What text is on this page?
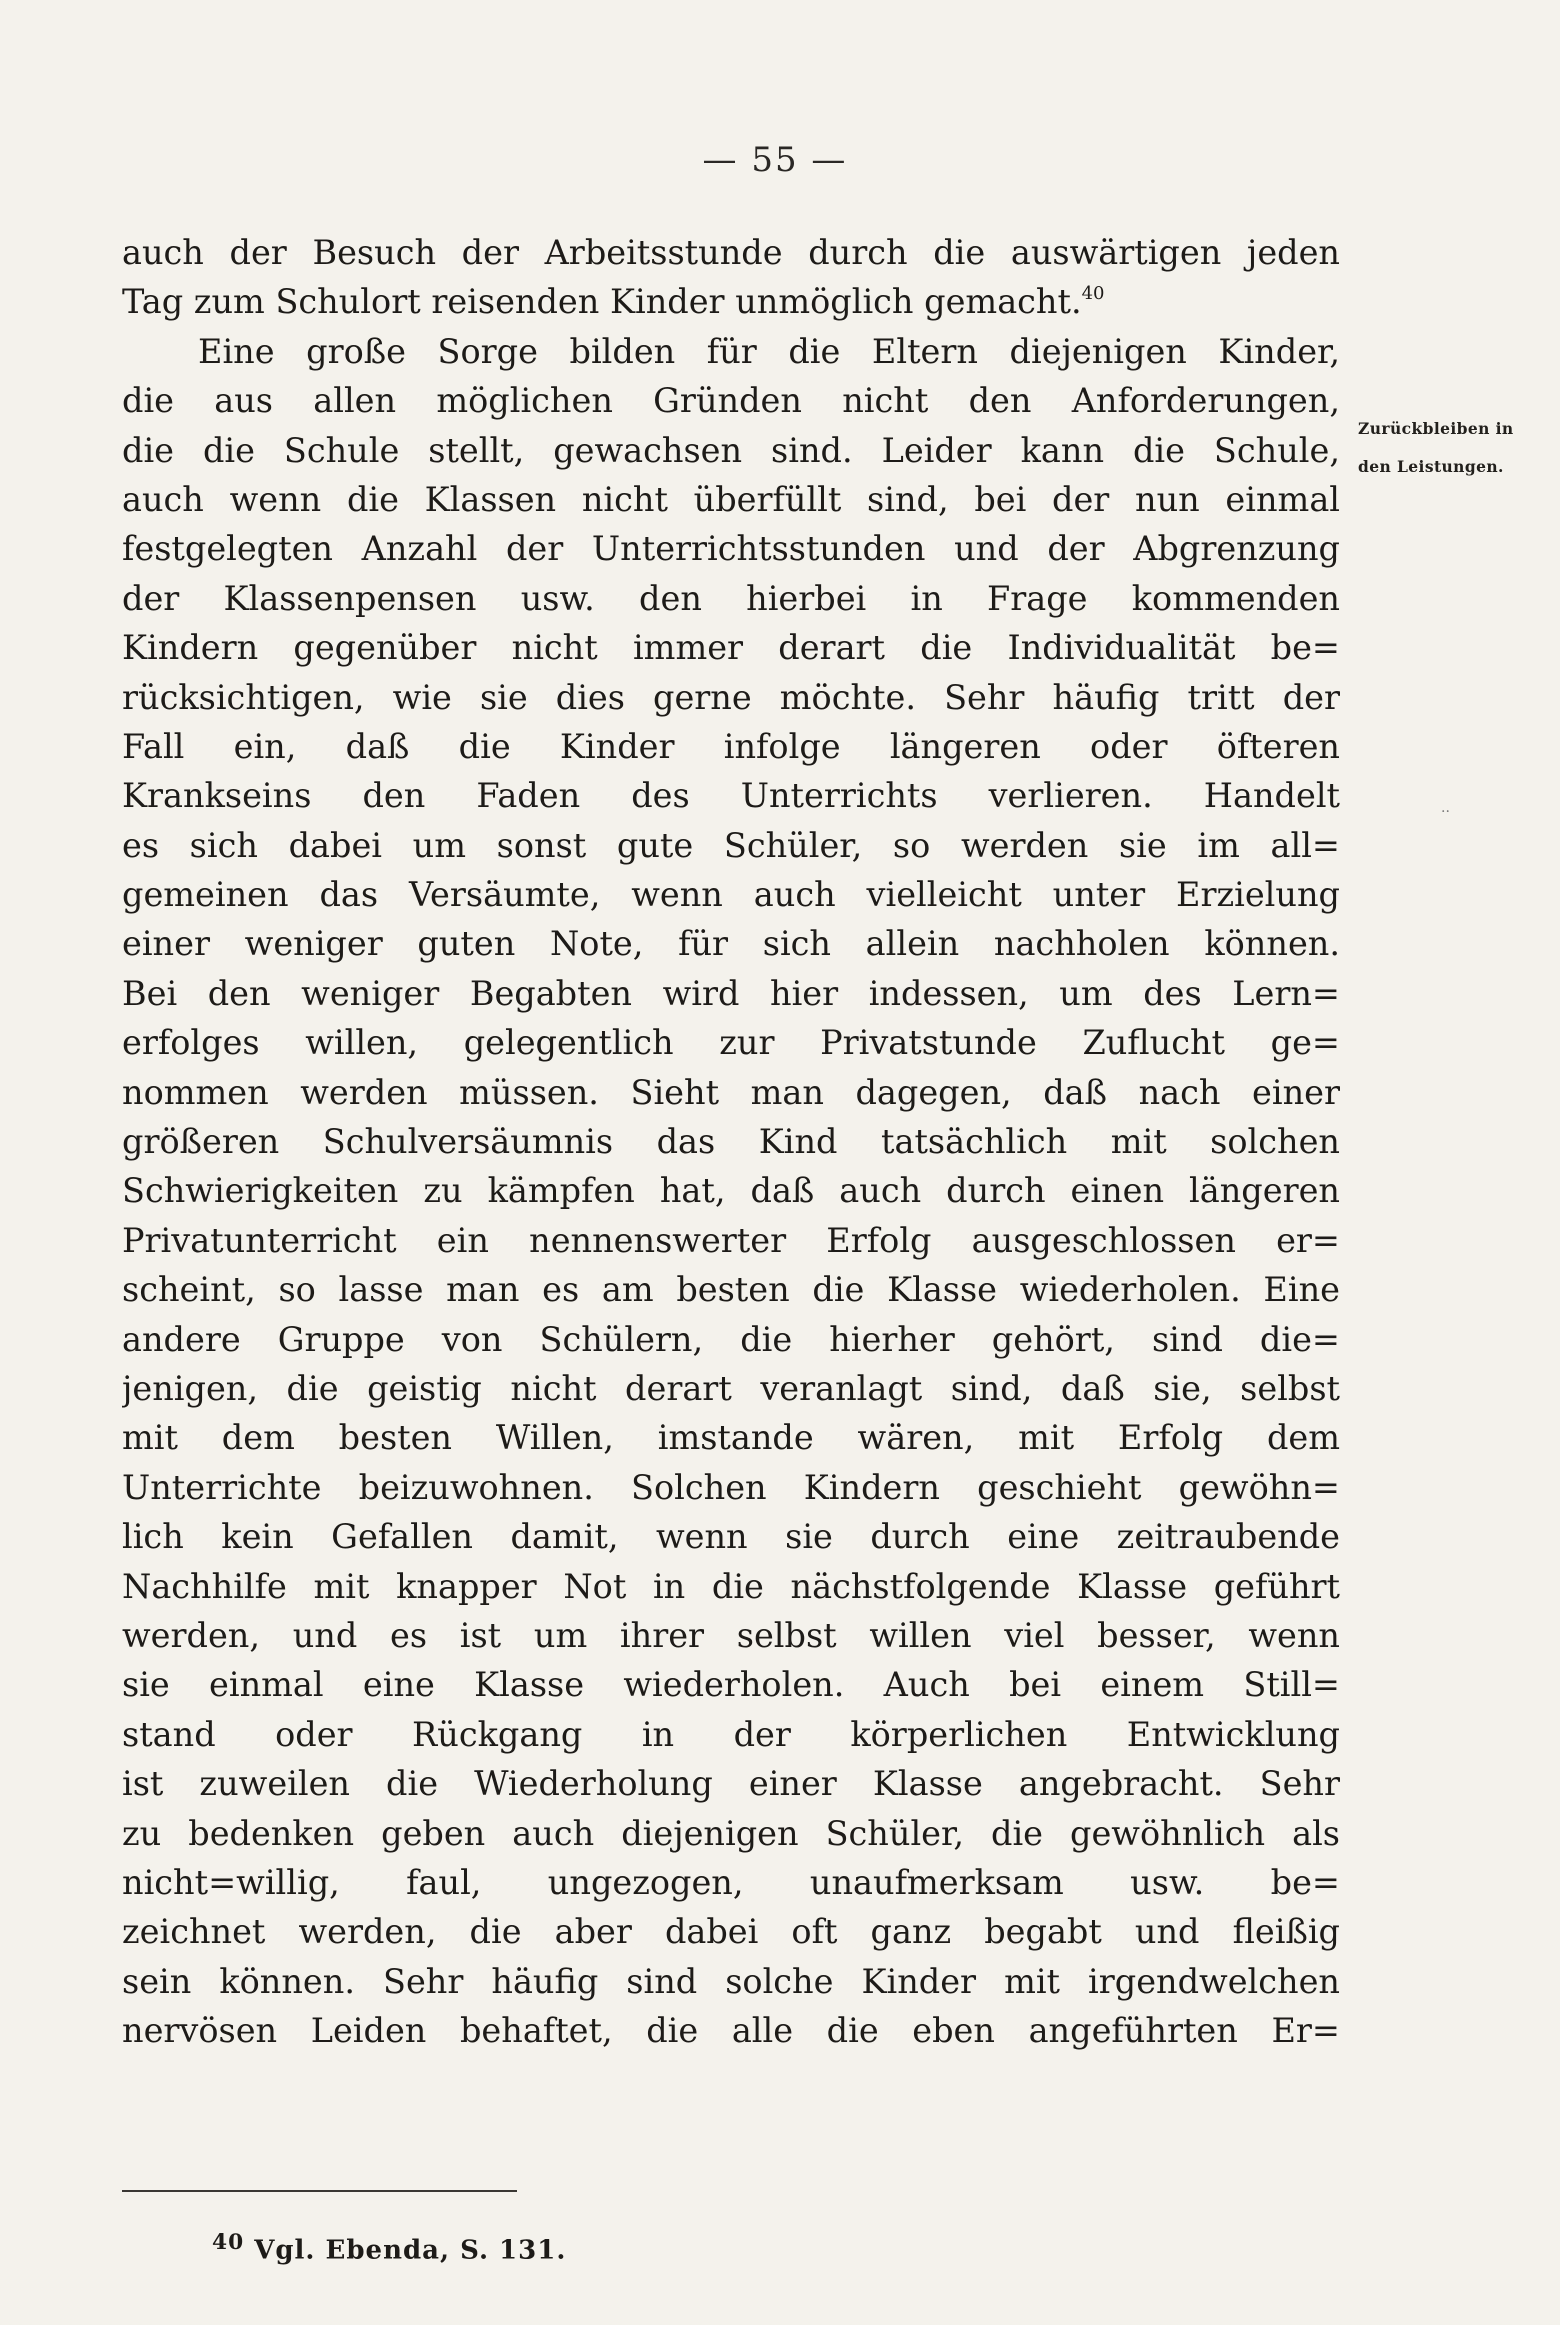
— 55 —
auch der Besuch der Arbeitsstunde durch die auswärtigen jeden
Tag zum Schulort reisenden Kinder unmöglich gemacht.$^{40}$
Eine große Sorge bilden für die Eltern diejenigen Kinder,
die aus allen möglichen Gründen nicht den Anforderungen,
die die Schule stellt, gewachsen sind. Leider kann die Schule,
auch wenn die Klassen nicht überfüllt sind, bei der nun einmal
festgelegten Anzahl der Unterrichtsstunden und der Abgrenzung
der Klassenpensen usw. den hierbei in Frage kommenden
Kindern gegenüber nicht immer derart die Individualität be=
rücksichtigen, wie sie dies gerne möchte. Sehr häufig tritt der
Fall ein, daß die Kinder infolge längeren oder öfteren
Krankseins den Faden des Unterrichts verlieren. Handelt
es sich dabei um sonst gute Schüler, so werden sie im all=
gemeinen das Versäumte, wenn auch vielleicht unter Erzielung
einer weniger guten Note, für sich allein nachholen können.
Bei den weniger Begabten wird hier indessen, um des Lern=
erfolges willen, gelegentlich zur Privatstunde Zuflucht ge=
nommen werden müssen. Sieht man dagegen, daß nach einer
größeren Schulversäumnis das Kind tatsächlich mit solchen
Schwierigkeiten zu kämpfen hat, daß auch durch einen längeren
Privatunterricht ein nennenswerter Erfolg ausgeschlossen er=
scheint, so lasse man es am besten die Klasse wiederholen. Eine
andere Gruppe von Schülern, die hierher gehört, sind die=
jenigen, die geistig nicht derart veranlagt sind, daß sie, selbst
mit dem besten Willen, imstande wären, mit Erfolg dem
Unterrichte beizuwohnen. Solchen Kindern geschieht gewöhn=
lich kein Gefallen damit, wenn sie durch eine zeitraubende
Nachhilfe mit knapper Not in die nächstfolgende Klasse geführt
werden, und es ist um ihrer selbst willen viel besser, wenn
sie einmal eine Klasse wiederholen. Auch bei einem Still=
stand oder Rückgang in der körperlichen Entwicklung
ist zuweilen die Wiederholung einer Klasse angebracht. Sehr
zu bedenken geben auch diejenigen Schüler, die gewöhnlich als
nicht=willig, faul, ungezogen, unaufmerksam usw. be=
zeichnet werden, die aber dabei oft ganz begabt und fleißig
sein können. Sehr häufig sind solche Kinder mit irgendwelchen
nervösen Leiden behaftet, die alle die eben angeführten Er=
Zurückbleiben in
den Leistungen.
..
$^{40}$ Vgl. Ebenda, S. 131.
